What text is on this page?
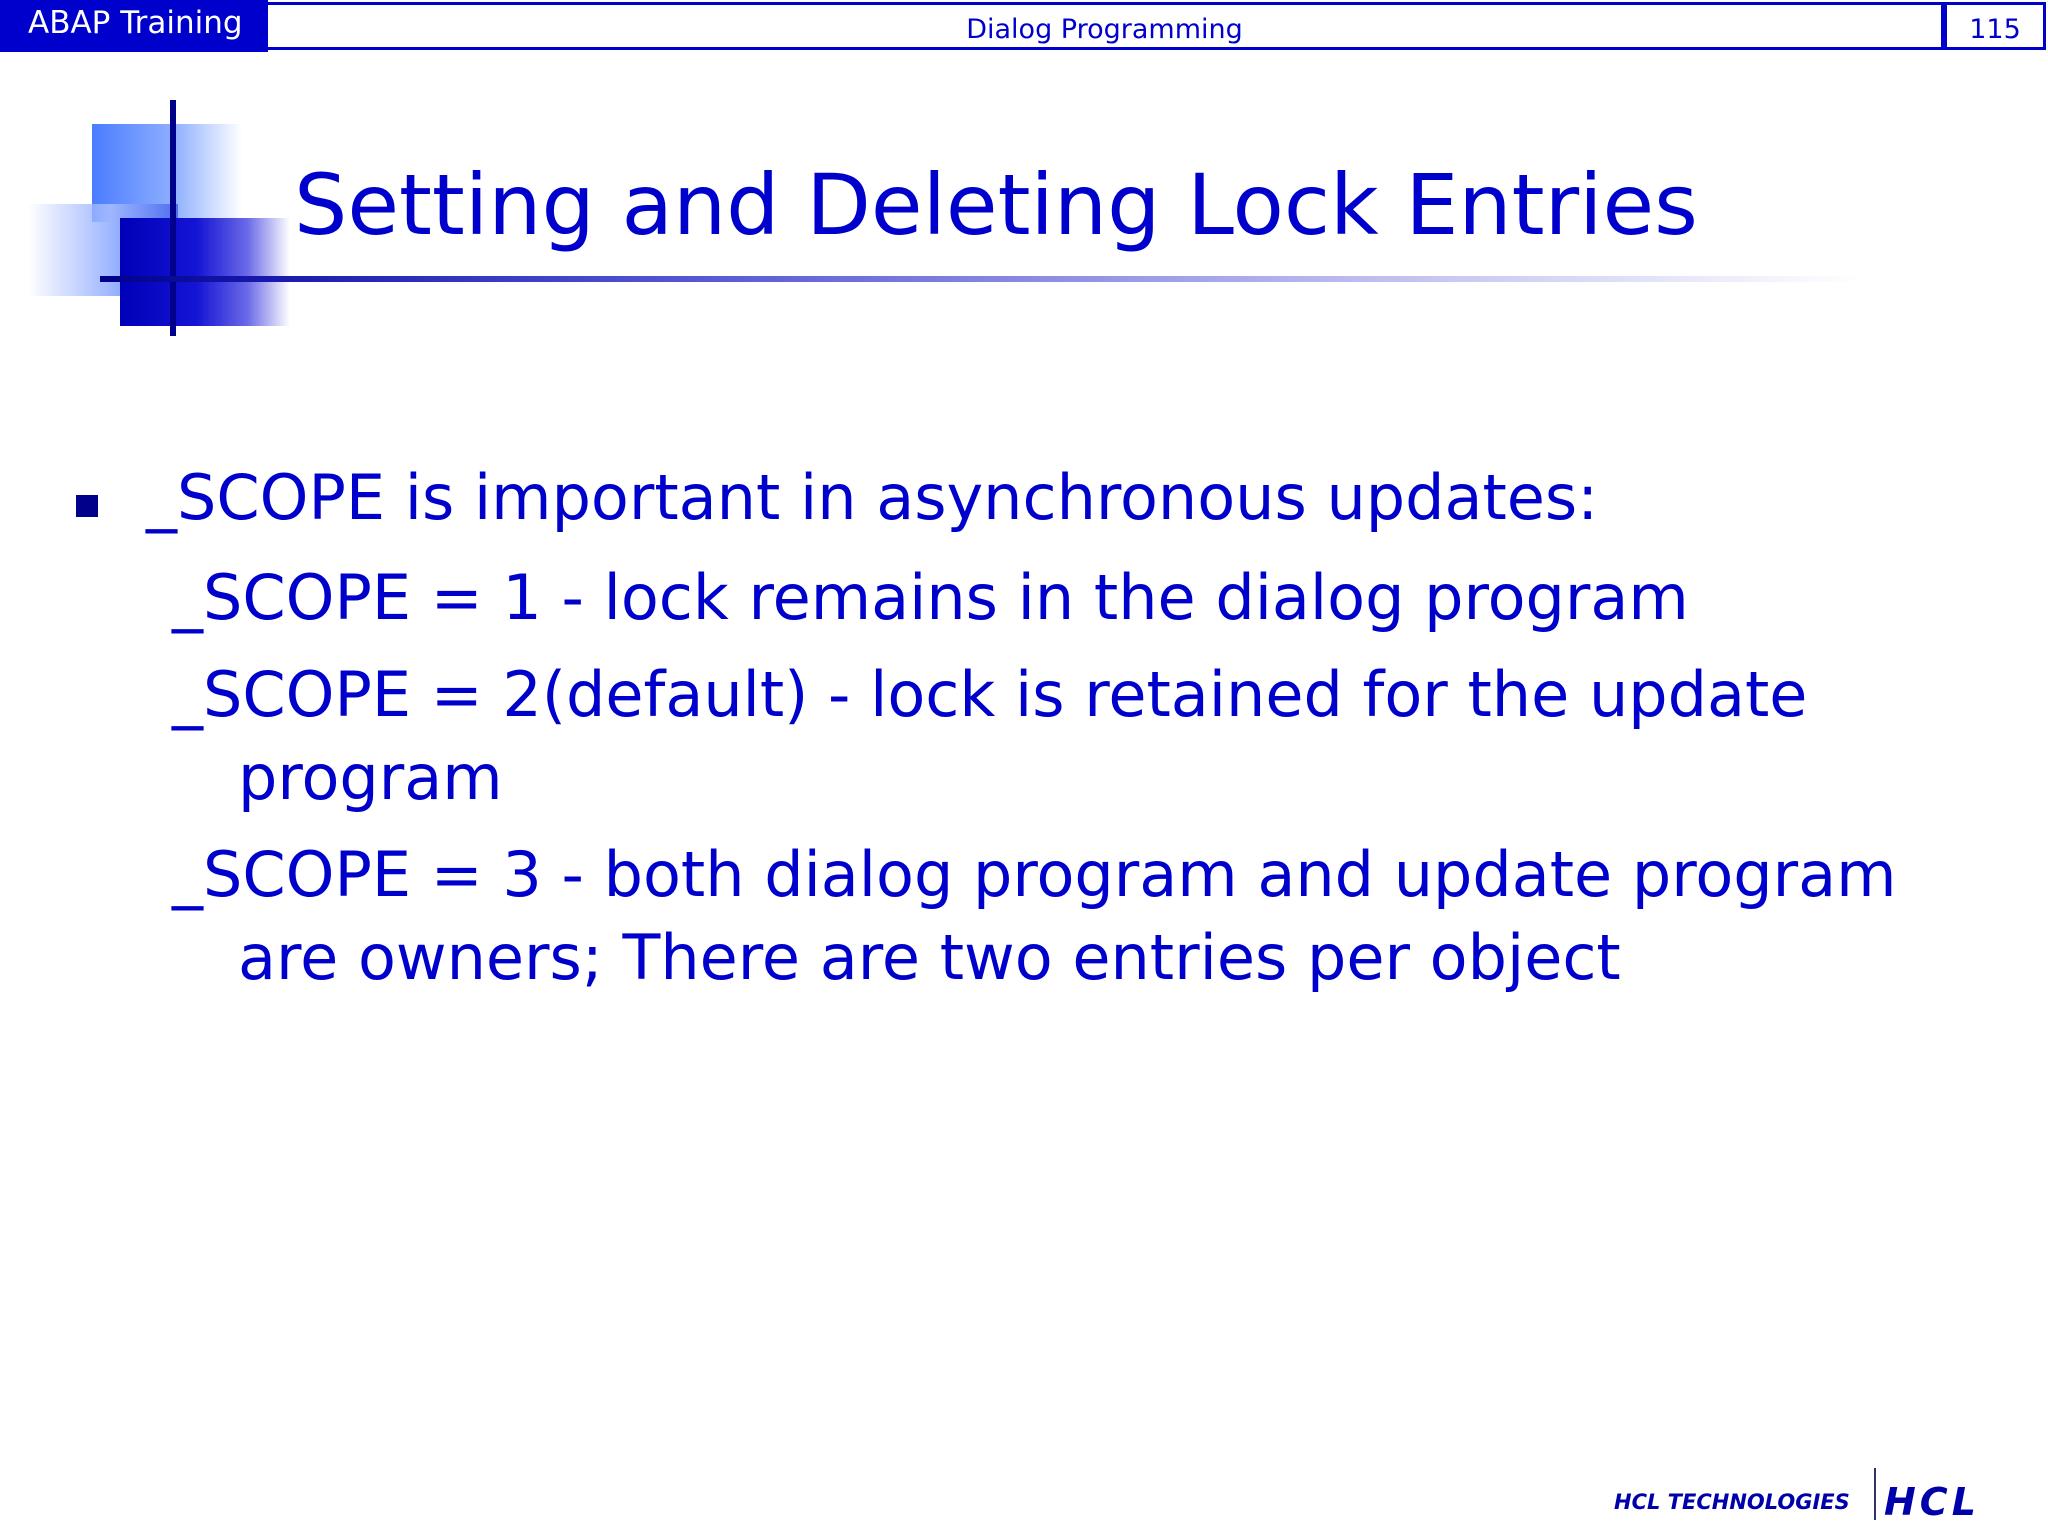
ABAP Training	Dialog Programming	115
Setting and Deleting Lock Entries

_SCOPE is important in asynchronous updates:

_SCOPE = 1 - lock remains in the dialog program

_SCOPE = 2(default) - lock is retained for the update

program

_SCOPE = 3 - both dialog program and update program

are owners; There are two entries per object

HCL TECHNOLOGIES HCL
